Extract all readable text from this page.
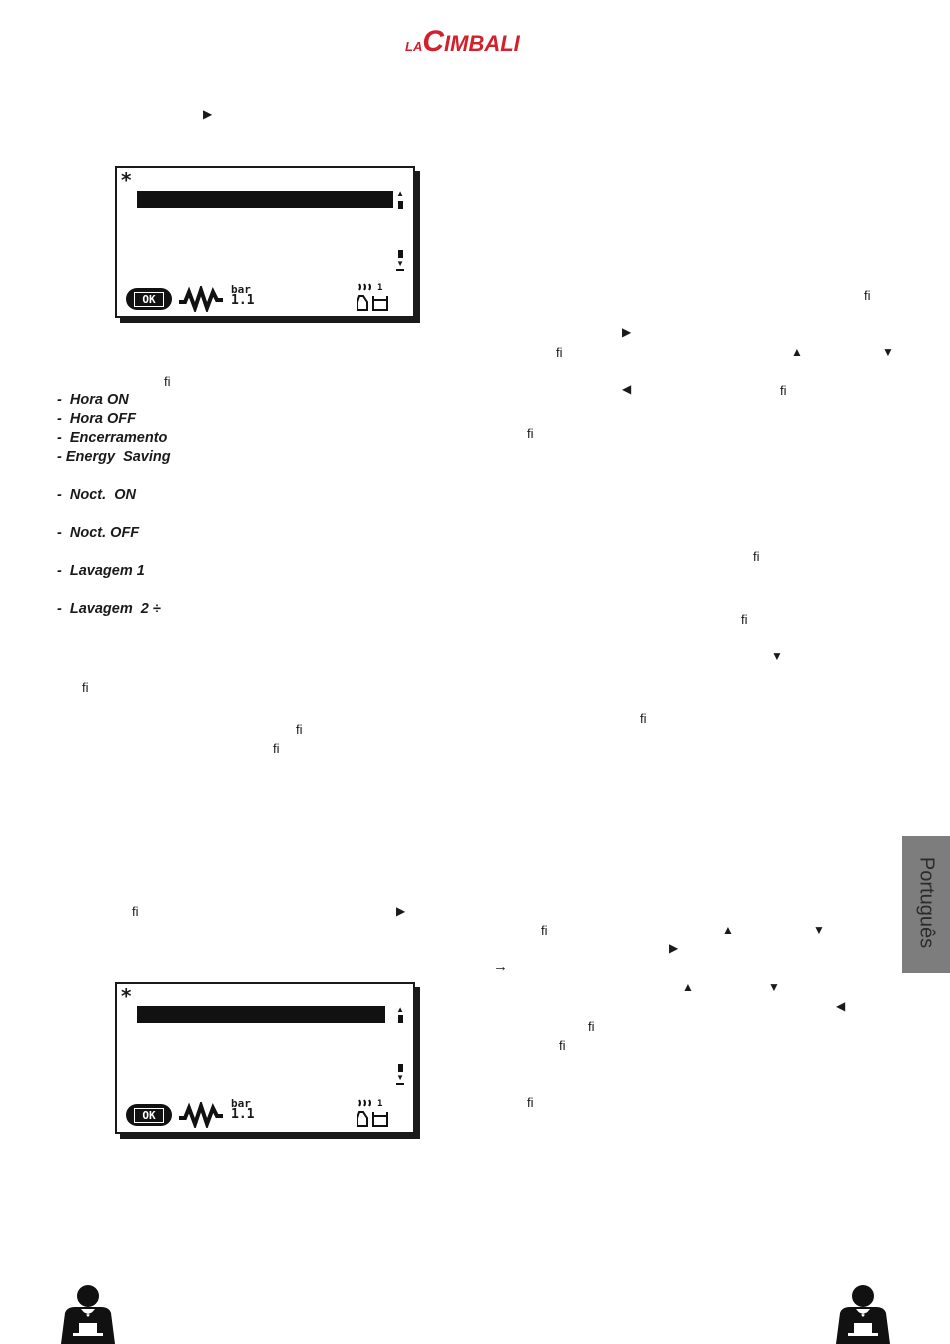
LACIMBALI
▶
*
▲
▼
OK
bar
1.1
1
fi
-  Hora ON
-  Hora OFF
-  Encerramento
- Energy  Saving
-  Noct.  ON
-  Noct. OFF
-  Lavagem 1
-  Lavagem  2 ÷
fi
fi
fi
fi	▶
*
▲
▼
OK
bar
1.1
1
fi
▶
fi	▲	▼
◀	fi
fi
fi
fi
▼
fi
fi	▲	▼
▶
→
▲	▼
◀
fi
fi
fi
Português
